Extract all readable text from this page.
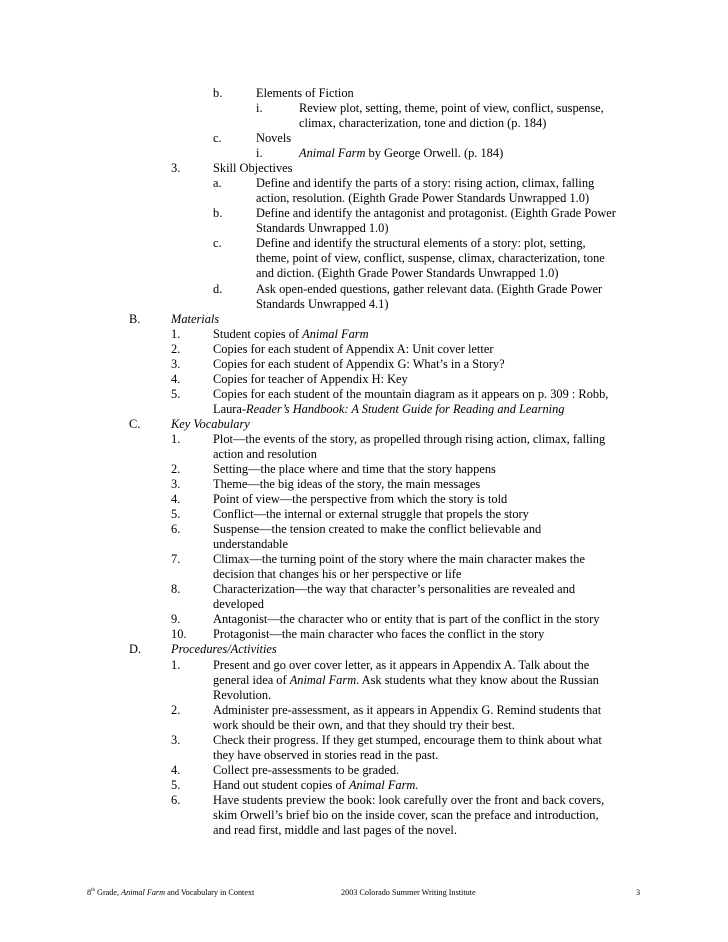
b.	Elements of Fiction
i.	Review plot, setting, theme, point of view, conflict, suspense,
climax, characterization, tone and diction (p. 184)
c.	Novels
i.	Animal Farm by George Orwell. (p. 184)
3.	Skill Objectives
a.	Define and identify the parts of a story: rising action, climax, falling
action, resolution. (Eighth Grade Power Standards Unwrapped 1.0)
b.	Define and identify the antagonist and protagonist. (Eighth Grade Power
Standards Unwrapped 1.0)
c.	Define and identify the structural elements of a story: plot, setting,
theme, point of view, conflict, suspense, climax, characterization, tone
and diction. (Eighth Grade Power Standards Unwrapped 1.0)
d.	Ask open-ended questions, gather relevant data. (Eighth Grade Power
Standards Unwrapped 4.1)
B. Materials
1.	Student copies of Animal Farm
2.	Copies for each student of Appendix A: Unit cover letter
3.	Copies for each student of Appendix G: What’s in a Story?
4.	Copies for teacher of Appendix H: Key
5.	Copies for each student of the mountain diagram as it appears on p. 309 : Robb,
Laura-Reader’s Handbook: A Student Guide for Reading and Learning
C. Key Vocabulary
1.	Plot—the events of the story, as propelled through rising action, climax, falling
action and resolution
2.	Setting—the place where and time that the story happens
3.	Theme—the big ideas of the story, the main messages
4.	Point of view—the perspective from which the story is told
5.	Conflict—the internal or external struggle that propels the story
6.	Suspense—the tension created to make the conflict believable and
understandable
7.	Climax—the turning point of the story where the main character makes the
decision that changes his or her perspective or life
8.	Characterization—the way that character’s personalities are revealed and
developed
9.	Antagonist—the character who or entity that is part of the conflict in the story
10. Protagonist—the main character who faces the conflict in the story
D. Procedures/Activities
1.	Present and go over cover letter, as it appears in Appendix A. Talk about the
general idea of Animal Farm. Ask students what they know about the Russian
Revolution.
2.	Administer pre-assessment, as it appears in Appendix G. Remind students that
work should be their own, and that they should try their best.
3.	Check their progress. If they get stumped, encourage them to think about what
they have observed in stories read in the past.
4.	Collect pre-assessments to be graded.
5.	Hand out student copies of Animal Farm.
6.	Have students preview the book: look carefully over the front and back covers,
skim Orwell’s brief bio on the inside cover, scan the preface and introduction,
and read first, middle and last pages of the novel.
8th Grade, Animal Farm and Vocabulary in Context	2003 Colorado Summer Writing Institute	3
